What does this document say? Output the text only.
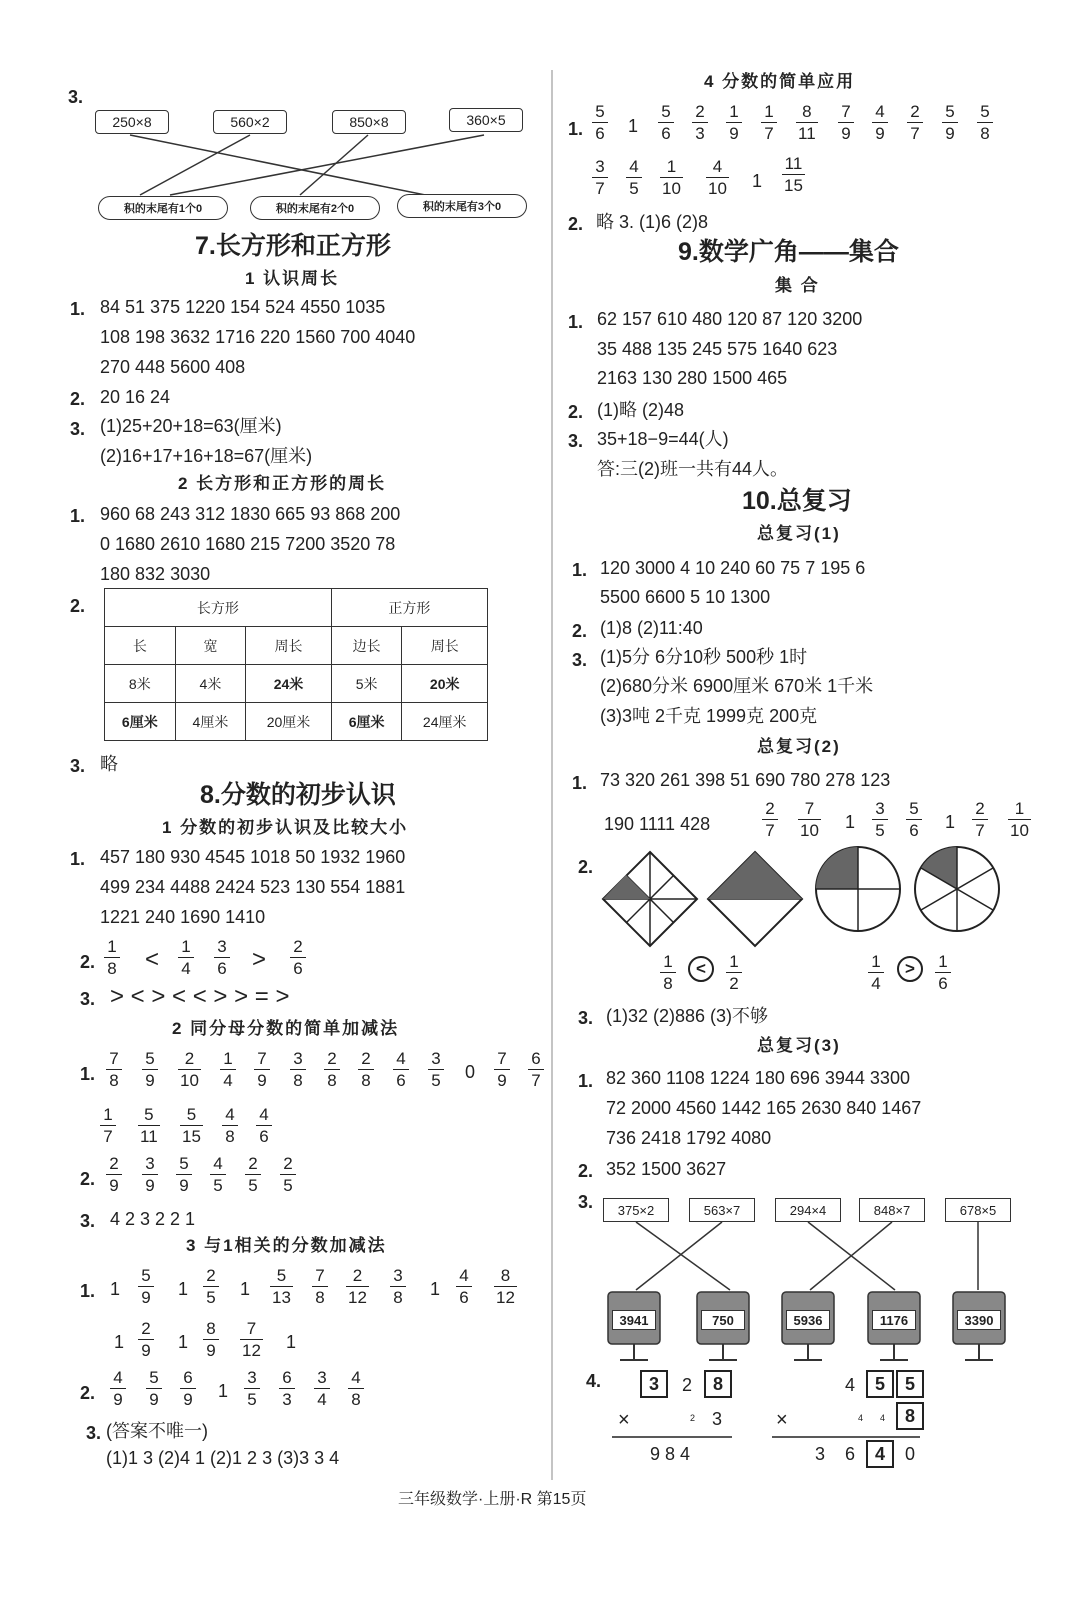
3.
250×8	560×2	850×8	360×5
积的末尾有1个0	积的末尾有2个0	积的末尾有3个0
7.长方形和正方形
1 认识周长
1. 84 51 375 1220 154 524 4550 1035
108 198 3632 1716 220 1560 700 4040
270 448 5600 408
2. 20 16 24
3. (1)25+20+18=63(厘米)
(2)16+17+16+18=67(厘米)
2 长方形和正方形的周长
1. 960 68 243 312 1830 665 93 868 200
0 1680 2610 1680 215 7200 3520 78
180 832 3030
2.	长方形			正方形	
长	宽	周长	边长	周长
8米	4米	24米	5米	20米
6厘米	4厘米	20厘米	6厘米	24厘米
3. 略
8.分数的初步认识
1 分数的初步认识及比较大小
1. 457 180 930 4545 1018 50 1932 1960
499 234 4488 2424 523 130 554 1881
1221 240 1690 1410
2. $\frac{1}{8} < \frac{1}{4} \frac{3}{6} > \frac{2}{6}$
3. > < > < < > > = >
2 同分母分数的简单加减法
1. $\frac{7}{8} \frac{5}{9} \frac{2}{10} \frac{1}{4} \frac{7}{9} \frac{3}{8} \frac{2}{8} \frac{2}{8} \frac{4}{6} \frac{3}{5} 0 \frac{7}{9} \frac{6}{7}$
$\frac{1}{7} \frac{5}{11} \frac{5}{15} \frac{4}{8} \frac{4}{6}$
2. $\frac{2}{9} \frac{3}{9} \frac{5}{9} \frac{4}{5} \frac{2}{5} \frac{2}{5}$
3. 4 2 3 2 2 1
3 与1相关的分数加减法
1. $1 \frac{5}{9} 1 \frac{2}{5} 1 \frac{5}{13} \frac{7}{8} \frac{2}{12} \frac{3}{8} 1 \frac{4}{6} \frac{8}{12}$
$1 \frac{2}{9} 1 \frac{8}{9} \frac{7}{12} 1$
2. $\frac{4}{9} \frac{5}{9} \frac{6}{9} 1 \frac{3}{5} \frac{6}{3} \frac{3}{4} \frac{4}{8}$
3. (答案不唯一)
(1)1 3 (2)4 1 (2)1 2 3 (3)3 3 4
4 分数的简单应用
1. $\frac{5}{6} 1 \frac{5}{6} \frac{2}{3} \frac{1}{9} \frac{1}{7} \frac{8}{11} \frac{7}{9} \frac{4}{9} \frac{2}{7} \frac{5}{9} \frac{5}{8}$
$\frac{3}{7} \frac{4}{5} \frac{1}{10} \frac{4}{10} 1 \frac{11}{15}$
2. 略 3. (1)6 (2)8
9.数学广角——集合
集 合
1. 62 157 610 480 120 87 120 3200
35 488 135 245 575 1640 623
2163 130 280 1500 465
2. (1)略 (2)48
3. 35+18−9=44(人)
答:三(2)班一共有44人。
10.总复习
总复习(1)
1. 120 3000 4 10 240 60 75 7 195 6
5500 6600 5 10 1300
2. (1)8 (2)11:40
3. (1)5分 6分10秒 500秒 1时
(2)680分米 6900厘米 670米 1千米
(3)3吨 2千克 1999克 200克
总复习(2)
1. 73 320 261 398 51 690 780 278 123
190 1111 428	$\frac{2}{7} \frac{7}{10} 1 \frac{3}{5} \frac{5}{6} 1 \frac{2}{7} \frac{1}{10}$
2.
$\frac{1}{8}$	<	$\frac{1}{2}$	$\frac{1}{4}$	>	$\frac{1}{6}$
3. (1)32 (2)886 (3)不够
总复习(3)
1. 82 360 1108 1224 180 696 3944 3300
72 2000 4560 1442 165 2630 840 1467
736 2418 1792 4080
2. 352 1500 3627
3.	375×2	563×7	294×4	848×7	678×5
3941	750	5936	1176	3390
4.	3	2	8
×	2 3
9 8 4
4	5	5
×	4 4	8
3 6	4	0
三年级数学·上册·R 第15页
